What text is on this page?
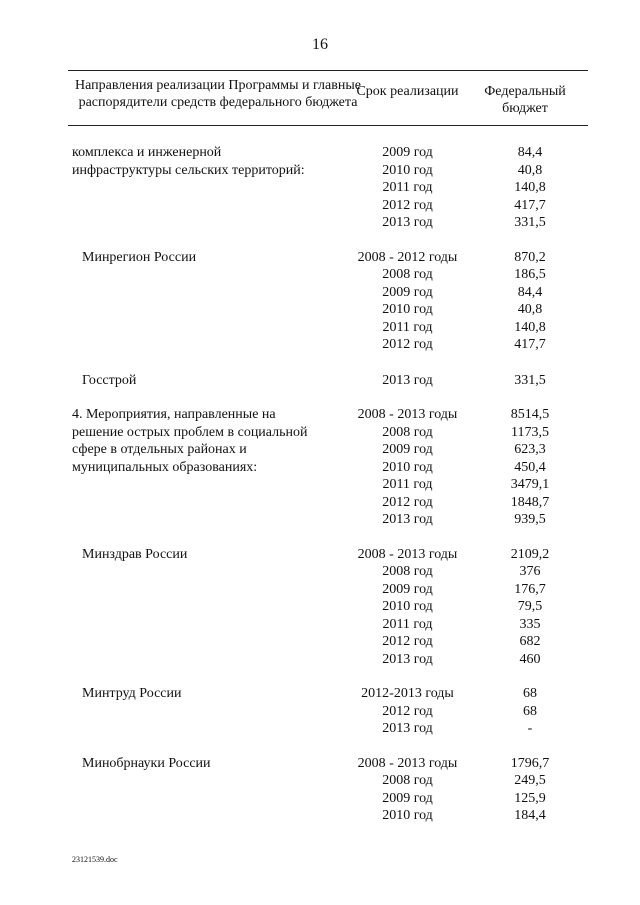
16
Направления реализации Программы и главные распорядители средств федерального бюджета
Срок реализации	Федеральный бюджет
комплекса и инженерной
инфраструктуры сельских территорий:
2009 год	84,4
2010 год	40,8
2011 год	140,8
2012 год	417,7
2013 год	331,5
Минрегион России	2008 - 2012 годы	870,2
2008 год	186,5
2009 год	84,4
2010 год	40,8
2011 год	140,8
2012 год	417,7
Госстрой	2013 год	331,5
4. Мероприятия, направленные на
решение острых проблем в социальной
сфере в отдельных районах и
муниципальных образованиях:
2008 - 2013 годы	8514,5
2008 год	1173,5
2009 год	623,3
2010 год	450,4
2011 год	3479,1
2012 год	1848,7
2013 год	939,5
Минздрав России	2008 - 2013 годы	2109,2
2008 год	376
2009 год	176,7
2010 год	79,5
2011 год	335
2012 год	682
2013 год	460
Минтруд России	2012-2013 годы	68
2012 год	68
2013 год	-
Минобрнауки России	2008 - 2013 годы	1796,7
2008 год	249,5
2009 год	125,9
2010 год	184,4
23121539.doc
